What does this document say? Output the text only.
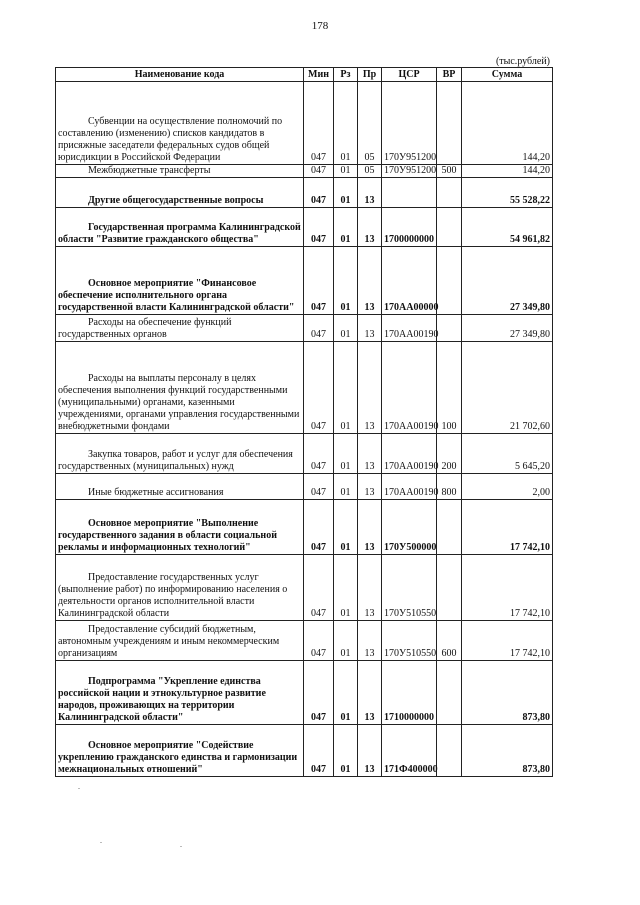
178
(тыс.рублей)
Наименование кода	Мин	Рз	Пр	ЦСР	ВР	Сумма
Субвенции на осуществление полномочий по составлению (изменению) списков кандидатов в присяжные заседатели федеральных судов общей юрисдикции в Российской Федерации	047	01	05	170У951200		144,20
Межбюджетные трансферты	047	01	05	170У951200	500	144,20
Другие общегосударственные вопросы	047	01	13			55 528,22
Государственная программа Калининградской области "Развитие гражданского общества"	047	01	13	1700000000		54 961,82
Основное мероприятие "Финансовое обеспечение исполнительного органа государственной власти Калининградской области"	047	01	13	170АА00000		27 349,80
Расходы на обеспечение функций государственных органов	047	01	13	170АА00190		27 349,80
Расходы на выплаты персоналу в целях обеспечения выполнения функций государственными (муниципальными) органами, казенными учреждениями, органами управления государственными внебюджетными фондами	047	01	13	170АА00190	100	21 702,60
Закупка товаров, работ и услуг для обеспечения государственных (муниципальных) нужд	047	01	13	170АА00190	200	5 645,20
Иные бюджетные ассигнования	047	01	13	170АА00190	800	2,00
Основное мероприятие "Выполнение государственного задания в области социальной рекламы и информационных технологий"	047	01	13	170У500000		17 742,10
Предоставление государственных услуг (выполнение работ) по информированию населения о деятельности органов исполнительной власти Калининградской области	047	01	13	170У510550		17 742,10
Предоставление субсидий бюджетным, автономным учреждениям и иным некоммерческим организациям	047	01	13	170У510550	600	17 742,10
Подпрограмма "Укрепление единства российской нации и этнокультурное развитие народов, проживающих на территории Калининградской области"	047	01	13	1710000000		873,80
Основное мероприятие "Содействие укреплению гражданского единства и гармонизации межнациональных отношений"	047	01	13	171Ф400000		873,80
